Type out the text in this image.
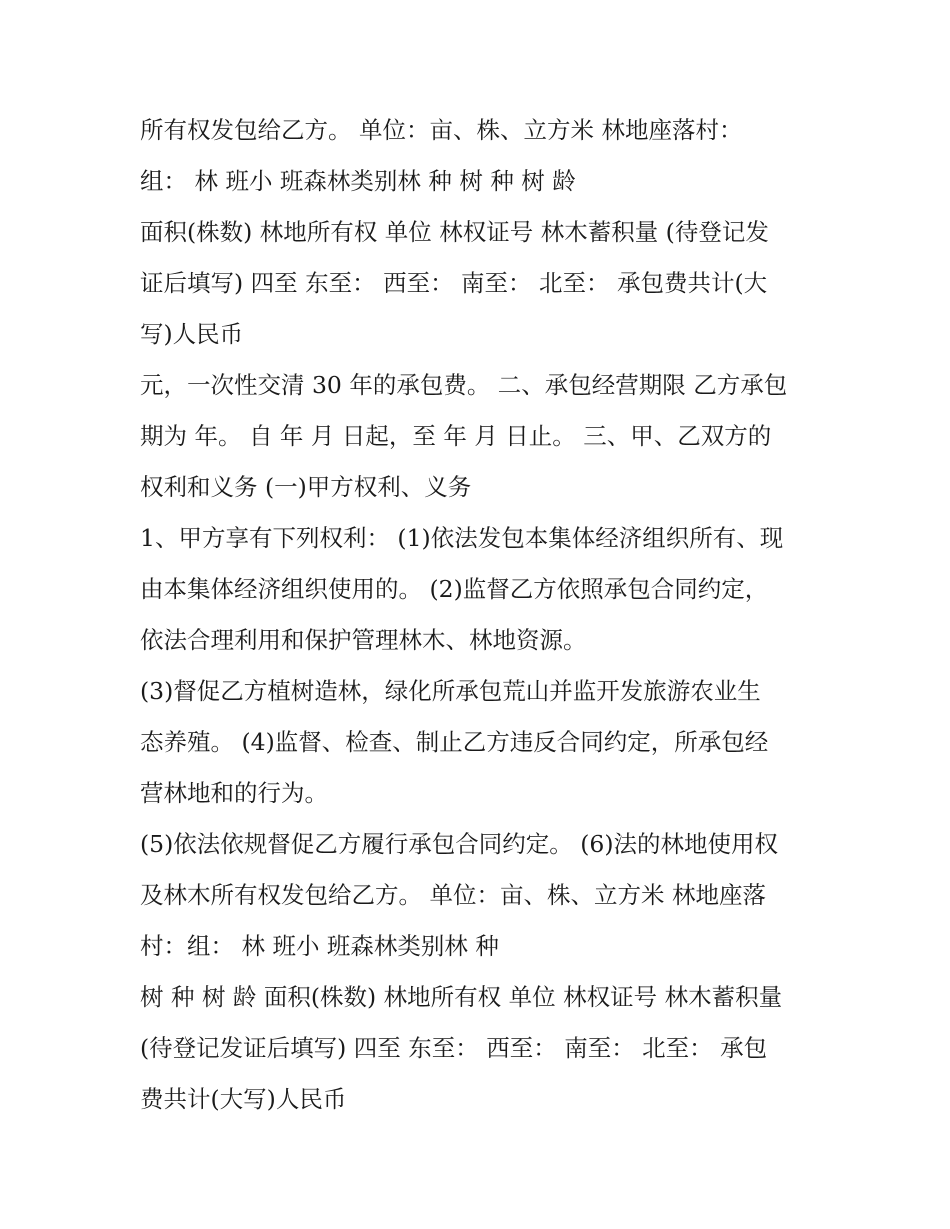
所有权发包给乙方。 单位：亩、株、立方米 林地座落村：
组： 林 班小 班森林类别林 种 树 种 树 龄
面积(株数) 林地所有权 单位 林权证号 林木蓄积量 (待登记发
证后填写) 四至 东至： 西至： 南至： 北至： 承包费共计(大
写)人民币
元，一次性交清 30 年的承包费。 二、承包经营期限 乙方承包
期为 年。 自 年 月 日起，至 年 月 日止。 三、甲、乙双方的
权利和义务 (一)甲方权利、义务
1、甲方享有下列权利： (1)依法发包本集体经济组织所有、现
由本集体经济组织使用的。 (2)监督乙方依照承包合同约定，
依法合理利用和保护管理林木、林地资源。
(3)督促乙方植树造林，绿化所承包荒山并监开发旅游农业生
态养殖。 (4)监督、检查、制止乙方违反合同约定，所承包经
营林地和的行为。
(5)依法依规督促乙方履行承包合同约定。 (6)法的林地使用权
及林木所有权发包给乙方。 单位：亩、株、立方米 林地座落
村：组： 林 班小 班森林类别林 种
树 种 树 龄 面积(株数) 林地所有权 单位 林权证号 林木蓄积量
(待登记发证后填写) 四至 东至： 西至： 南至： 北至： 承包
费共计(大写)人民币
